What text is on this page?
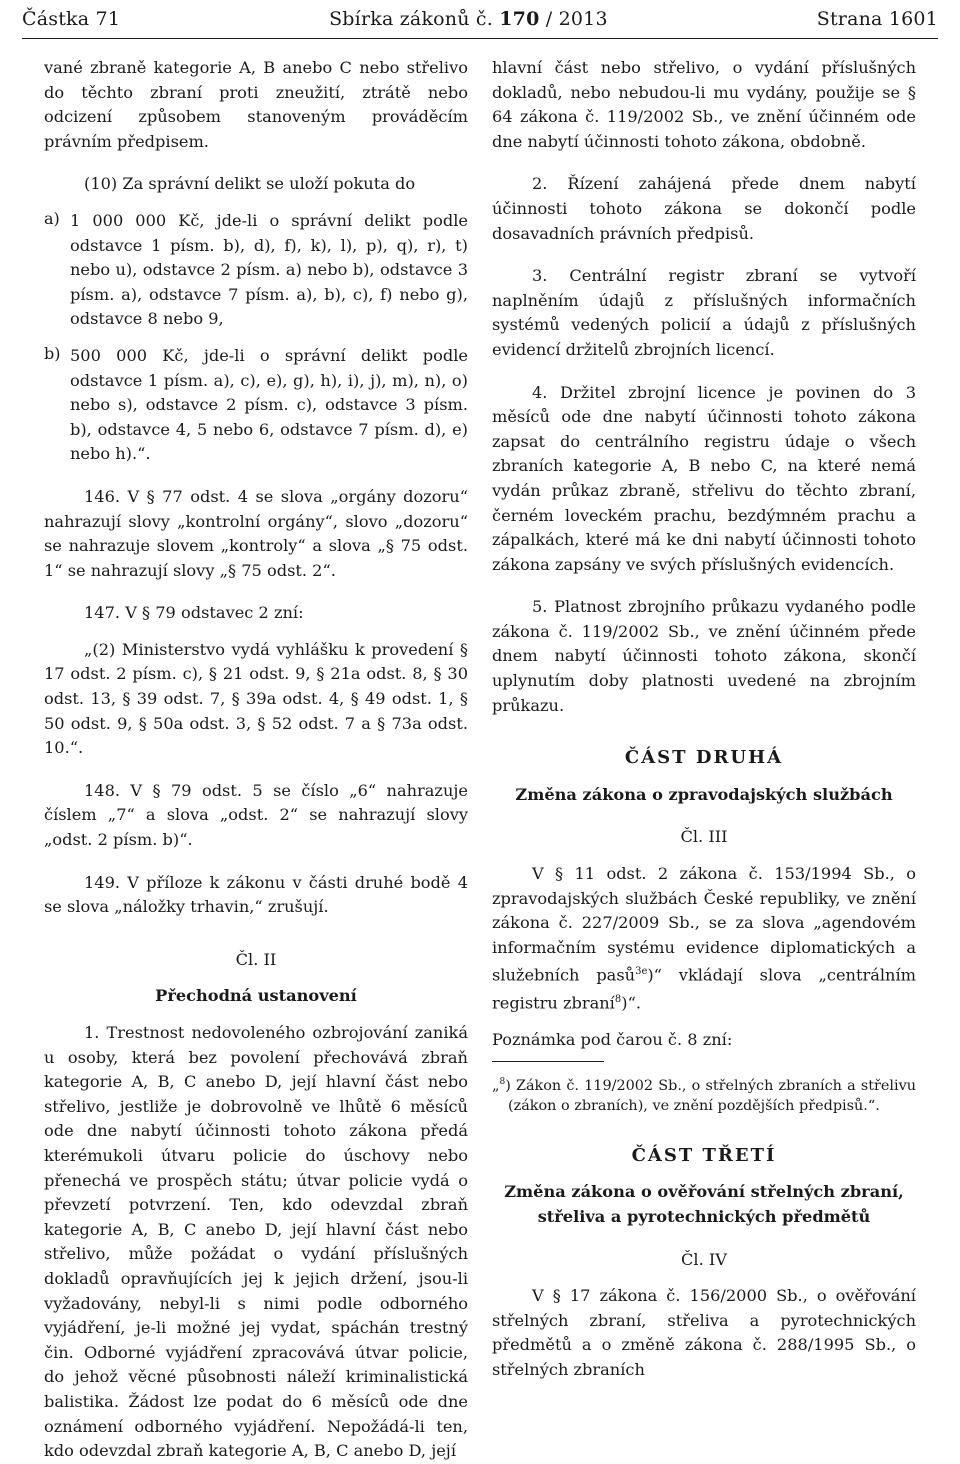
Částka 71	Sbírka zákonů č. 170 / 2013	Strana 1601

vané zbraně kategorie A, B anebo C nebo střelivo do těchto zbraní proti zneužití, ztrátě nebo odcizení způsobem stanoveným prováděcím právním předpisem.

(10) Za správní delikt se uloží pokuta do

a) 1 000 000 Kč, jde-li o správní delikt podle odstavce 1 písm. b), d), f), k), l), p), q), r), t) nebo u), odstavce 2 písm. a) nebo b), odstavce 3 písm. a), odstavce 7 písm. a), b), c), f) nebo g), odstavce 8 nebo 9,

b) 500 000 Kč, jde-li o správní delikt podle odstavce 1 písm. a), c), e), g), h), i), j), m), n), o) nebo s), odstavce 2 písm. c), odstavce 3 písm. b), odstavce 4, 5 nebo 6, odstavce 7 písm. d), e) nebo h).“.

146. V § 77 odst. 4 se slova „orgány dozoru“ nahrazují slovy „kontrolní orgány“, slovo „dozoru“ se nahrazuje slovem „kontroly“ a slova „§ 75 odst. 1“ se nahrazují slovy „§ 75 odst. 2“.

147. V § 79 odstavec 2 zní:

„(2) Ministerstvo vydá vyhlášku k provedení § 17 odst. 2 písm. c), § 21 odst. 9, § 21a odst. 8, § 30 odst. 13, § 39 odst. 7, § 39a odst. 4, § 49 odst. 1, § 50 odst. 9, § 50a odst. 3, § 52 odst. 7 a § 73a odst. 10.“.

148. V § 79 odst. 5 se číslo „6“ nahrazuje číslem „7“ a slova „odst. 2“ se nahrazují slovy „odst. 2 písm. b)“.

149. V příloze k zákonu v části druhé bodě 4 se slova „náložky trhavin,“ zrušují.

Čl. II

Přechodná ustanovení

1. Trestnost nedovoleného ozbrojování zaniká u osoby, která bez povolení přechovává zbraň kategorie A, B, C anebo D, její hlavní část nebo střelivo, jestliže je dobrovolně ve lhůtě 6 měsíců ode dne nabytí účinnosti tohoto zákona předá kterémukoli útvaru policie do úschovy nebo přenechá ve prospěch státu; útvar policie vydá o převzetí potvrzení. Ten, kdo odevzdal zbraň kategorie A, B, C anebo D, její hlavní část nebo střelivo, může požádat o vydání příslušných dokladů opravňujících jej k jejich držení, jsou-li vyžadovány, nebyl-li s nimi podle odborného vyjádření, je-li možné jej vydat, spáchán trestný čin. Odborné vyjádření zpracovává útvar policie, do jehož věcné působnosti náleží kriminalistická balistika. Žádost lze podat do 6 měsíců ode dne oznámení odborného vyjádření. Nepožádá-li ten, kdo odevzdal zbraň kategorie A, B, C anebo D, její

hlavní část nebo střelivo, o vydání příslušných dokladů, nebo nebudou-li mu vydány, použije se § 64 zákona č. 119/2002 Sb., ve znění účinném ode dne nabytí účinnosti tohoto zákona, obdobně.

2. Řízení zahájená přede dnem nabytí účinnosti tohoto zákona se dokončí podle dosavadních právních předpisů.

3. Centrální registr zbraní se vytvoří naplněním údajů z příslušných informačních systémů vedených policií a údajů z příslušných evidencí držitelů zbrojních licencí.

4. Držitel zbrojní licence je povinen do 3 měsíců ode dne nabytí účinnosti tohoto zákona zapsat do centrálního registru údaje o všech zbraních kategorie A, B nebo C, na které nemá vydán průkaz zbraně, střelivu do těchto zbraní, černém loveckém prachu, bezdýmném prachu a zápalkách, které má ke dni nabytí účinnosti tohoto zákona zapsány ve svých příslušných evidencích.

5. Platnost zbrojního průkazu vydaného podle zákona č. 119/2002 Sb., ve znění účinném přede dnem nabytí účinnosti tohoto zákona, skončí uplynutím doby platnosti uvedené na zbrojním průkazu.

ČÁST DRUHÁ

Změna zákona o zpravodajských službách

Čl. III

V § 11 odst. 2 zákona č. 153/1994 Sb., o zpravodajských službách České republiky, ve znění zákona č. 227/2009 Sb., se za slova „agendovém informačním systému evidence diplomatických a služebních pasů$^{3e}$)“ vkládají slova „centrálním registru zbraní$^8$)“.

Poznámka pod čarou č. 8 zní:

„$^8$) Zákon č. 119/2002 Sb., o střelných zbraních a střelivu (zákon o zbraních), ve znění pozdějších předpisů.“.

ČÁST TŘETÍ

Změna zákona o ověřování střelných zbraní, střeliva a pyrotechnických předmětů

Čl. IV

V § 17 zákona č. 156/2000 Sb., o ověřování střelných zbraní, střeliva a pyrotechnických předmětů a o změně zákona č. 288/1995 Sb., o střelných zbraních
